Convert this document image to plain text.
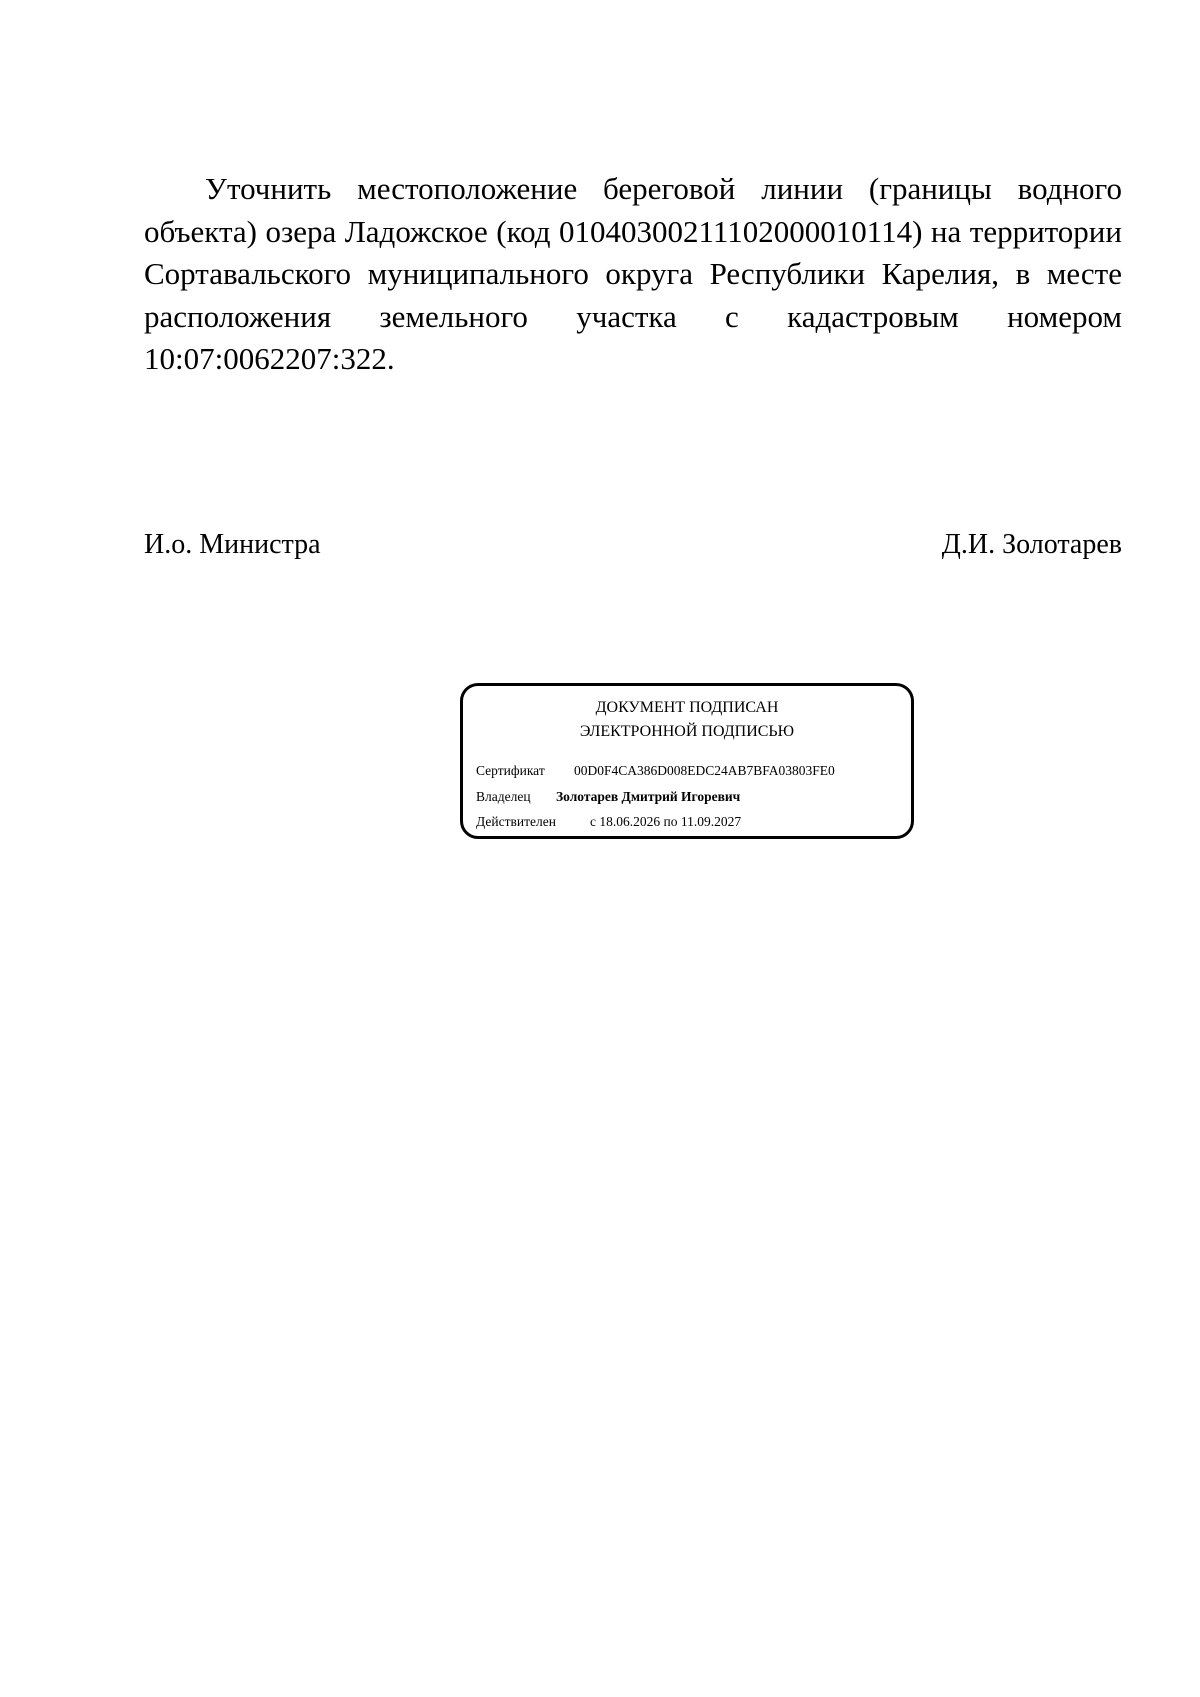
Уточнить местоположение береговой линии (границы водного объекта) озера Ладожское (код 01040300211102000010114) на территории Сортавальского муниципального округа Республики Карелия, в месте расположения земельного участка с кадастровым номером 10:07:0062207:322.

И.о. Министра	Д.И. Золотарев
ДОКУМЕНТ ПОДПИСАН
ЭЛЕКТРОННОЙ ПОДПИСЬЮ
Сертификат 00D0F4CA386D008EDC24AB7BFA03803FE0
Владелец Золотарев Дмитрий Игоревич
Действителен	с 18.06.2026 по 11.09.2027
